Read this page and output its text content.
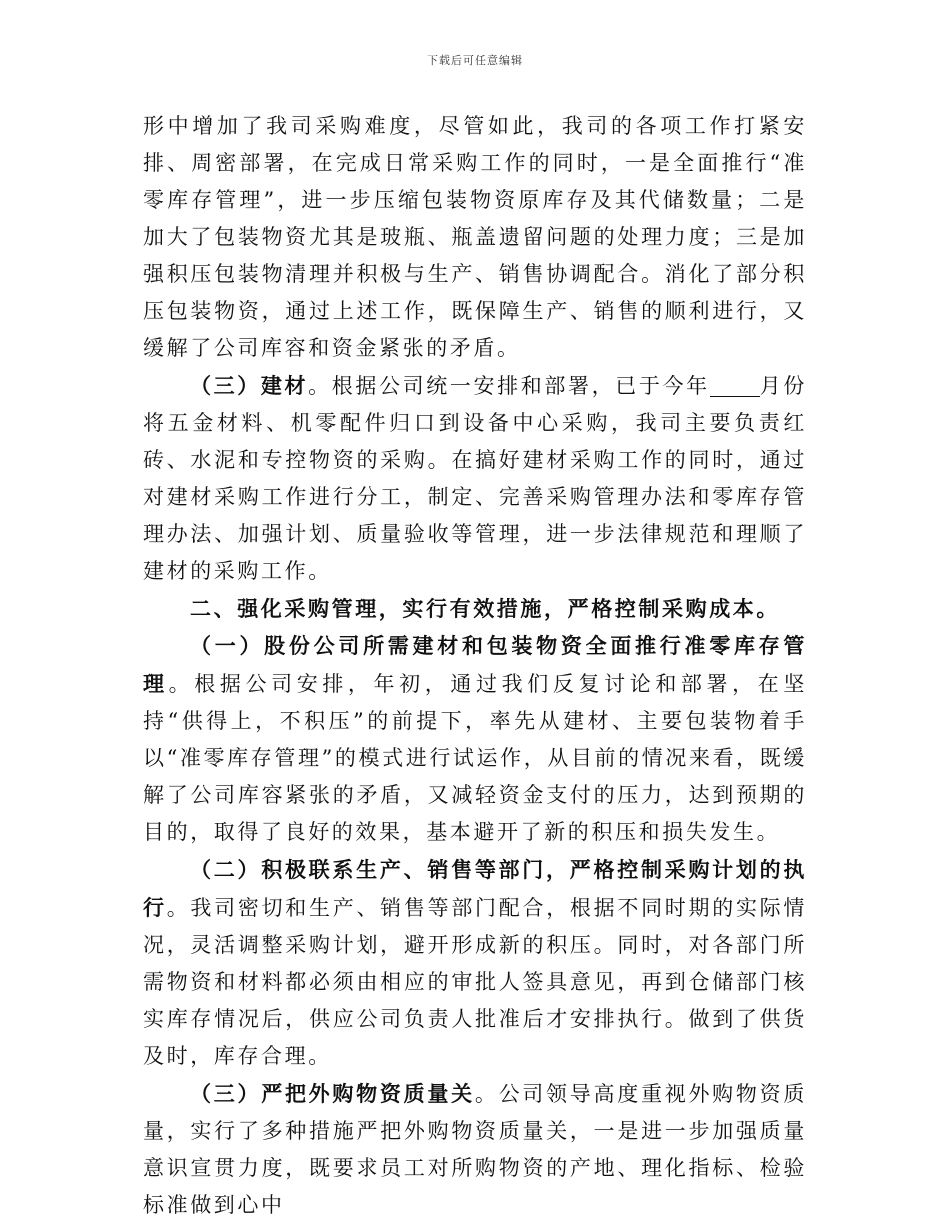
下载后可任意编辑

形中增加了我司采购难度，尽管如此，我司的各项工作打紧安排、周密部署，在完成日常采购工作的同时，一是全面推行“准零库存管理”，进一步压缩包装物资原库存及其代储数量；二是加大了包装物资尤其是玻瓶、瓶盖遗留问题的处理力度；三是加强积压包装物清理并积极与生产、销售协调配合。消化了部分积压包装物资，通过上述工作，既保障生产、销售的顺利进行，又缓解了公司库容和资金紧张的矛盾。

（三）建材。根据公司统一安排和部署，已于今年 月份将五金材料、机零配件归口到设备中心采购，我司主要负责红砖、水泥和专控物资的采购。在搞好建材采购工作的同时，通过对建材采购工作进行分工，制定、完善采购管理办法和零库存管理办法、加强计划、质量验收等管理，进一步法律规范和理顺了建材的采购工作。

二、强化采购管理，实行有效措施，严格控制采购成本。

（一）股份公司所需建材和包装物资全面推行准零库存管理。根据公司安排，年初，通过我们反复讨论和部署，在坚持“供得上，不积压”的前提下，率先从建材、主要包装物着手以“准零库存管理”的模式进行试运作，从目前的情况来看，既缓解了公司库容紧张的矛盾，又减轻资金支付的压力，达到预期的目的，取得了良好的效果，基本避开了新的积压和损失发生。

（二）积极联系生产、销售等部门，严格控制采购计划的执行。我司密切和生产、销售等部门配合，根据不同时期的实际情况，灵活调整采购计划，避开形成新的积压。同时，对各部门所需物资和材料都必须由相应的审批人签具意见，再到仓储部门核实库存情况后，供应公司负责人批准后才安排执行。做到了供货及时，库存合理。

（三）严把外购物资质量关。公司领导高度重视外购物资质量，实行了多种措施严把外购物资质量关，一是进一步加强质量意识宣贯力度，既要求员工对所购物资的产地、理化指标、检验标准做到心中
